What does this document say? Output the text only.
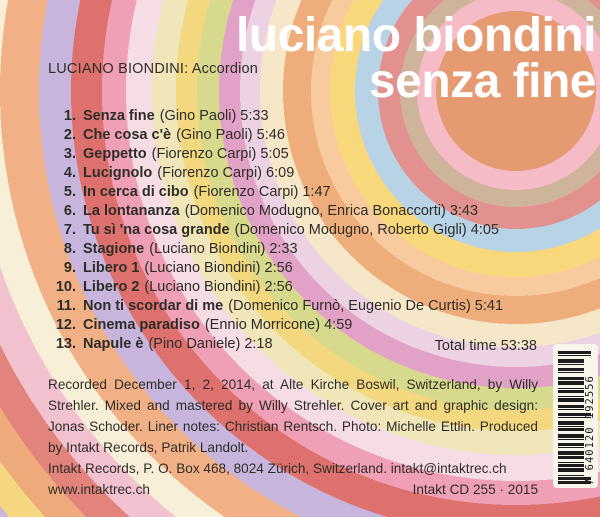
luciano biondini
senza fine
LUCIANO BIONDINI: Accordion
1. Senza fine (Gino Paoli) 5:33
2. Che cosa c'è (Gino Paoli) 5:46
3. Geppetto (Fiorenzo Carpi) 5:05
4. Lucignolo (Fiorenzo Carpi) 6:09
5. In cerca di cibo (Fiorenzo Carpi) 1:47
6. La lontananza (Domenico Modugno, Enrica Bonaccorti) 3:43
7. Tu sì 'na cosa grande (Domenico Modugno, Roberto Gigli) 4:05
8. Stagione (Luciano Biondini) 2:33
9. Libero 1 (Luciano Biondini) 2:56
10. Libero 2 (Luciano Biondini) 2:56
11. Non ti scordar di me (Domenico Furnò, Eugenio De Curtis) 5:41
12. Cinema paradiso (Ennio Morricone) 4:59
13. Napule è (Pino Daniele) 2:18	Total time 53:38
Recorded December 1, 2, 2014, at Alte Kirche Boswil, Switzerland, by Willy
Strehler. Mixed and mastered by Willy Strehler. Cover art and graphic design:
Jonas Schoder. Liner notes: Christian Rentsch. Photo: Michelle Ettlin. Produced
by Intakt Records, Patrik Landolt.
Intakt Records, P. O. Box 468, 8024 Zürich, Switzerland. intakt@intaktrec.ch
www.intaktrec.ch	Intakt CD 255 · 2015
7 640120 192556
